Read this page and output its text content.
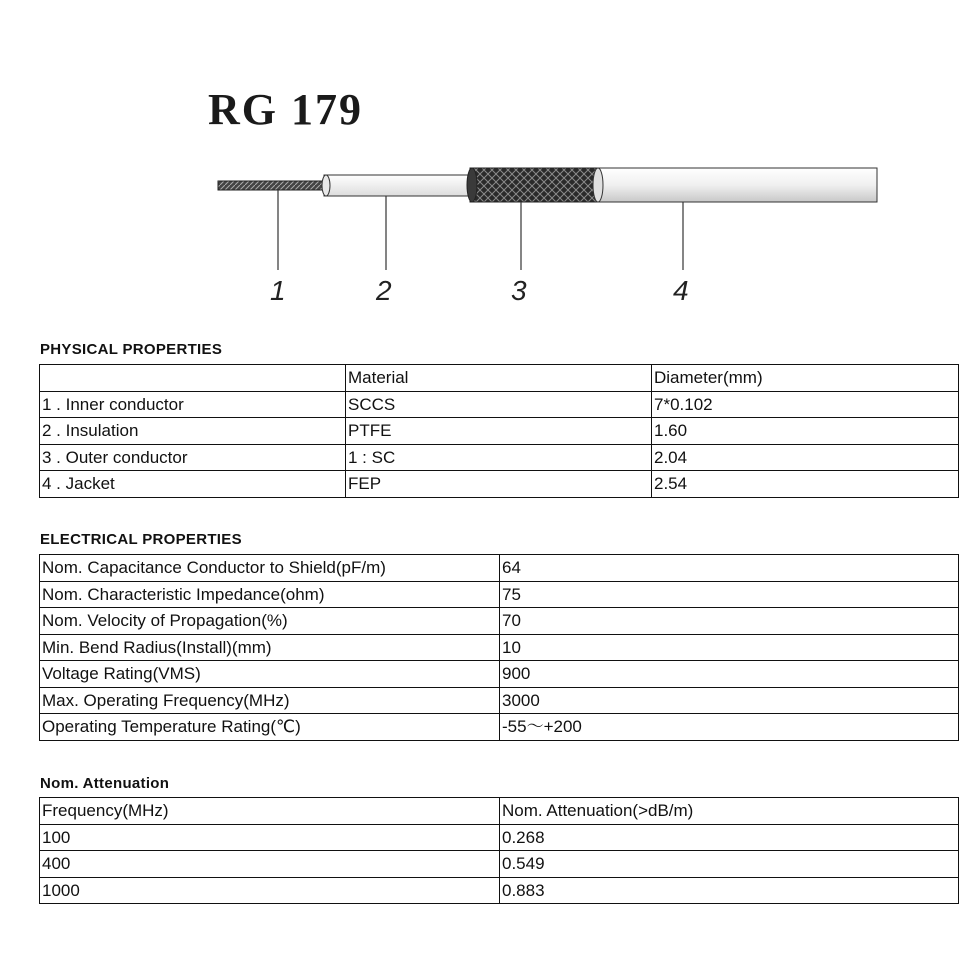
RG 179
1	2	3	4
PHYSICAL PROPERTIES
	Material	Diameter(mm)
1 . Inner conductor	SCCS	7*0.102
2 . Insulation	PTFE	1.60
3 . Outer conductor	1 : SC	2.04
4 . Jacket	FEP	2.54
ELECTRICAL PROPERTIES
Nom. Capacitance Conductor to Shield(pF/m)	64
Nom. Characteristic Impedance(ohm)	75
Nom. Velocity of Propagation(%)	70
Min. Bend Radius(Install)(mm)	10
Voltage Rating(VMS)	900
Max. Operating Frequency(MHz)	3000
Operating Temperature Rating(℃)	-55～+200
Nom. Attenuation
Frequency(MHz)	Nom. Attenuation(>dB/m)
100	0.268
400	0.549
1000	0.883
